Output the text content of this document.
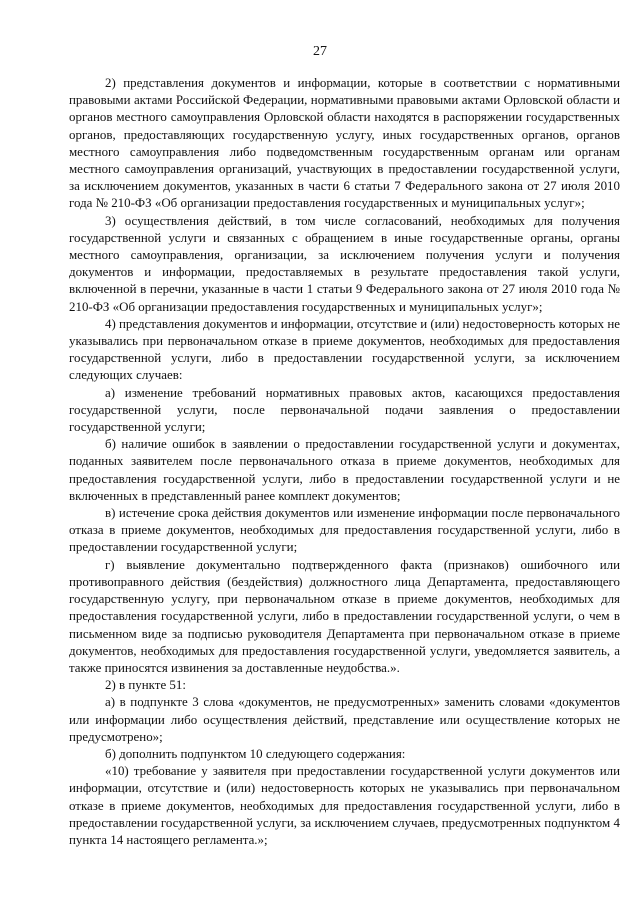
27

2) представления документов и информации, которые в соответствии с нормативными правовыми актами Российской Федерации, нормативными правовыми актами Орловской области и органов местного самоуправления Орловской области находятся в распоряжении государственных органов, предоставляющих государственную услугу, иных государственных органов, органов местного самоуправления либо подведомственным государственным органам или органам местного самоуправления организаций, участвующих в предоставлении государственной услуги, за исключением документов, указанных в части 6 статьи 7 Федерального закона от 27 июля 2010 года № 210-ФЗ «Об организации предоставления государственных и муниципальных услуг»;

3) осуществления действий, в том числе согласований, необходимых для получения государственной услуги и связанных с обращением в иные государственные органы, органы местного самоуправления, организации, за исключением получения услуги и получения документов и информации, предоставляемых в результате предоставления такой услуги, включенной в перечни, указанные в части 1 статьи 9 Федерального закона от 27 июля 2010 года № 210-ФЗ «Об организации предоставления государственных и муниципальных услуг»;

4) представления документов и информации, отсутствие и (или) недостоверность которых не указывались при первоначальном отказе в приеме документов, необходимых для предоставления государственной услуги, либо в предоставлении государственной услуги, за исключением следующих случаев:

а) изменение требований нормативных правовых актов, касающихся предоставления государственной услуги, после первоначальной подачи заявления о предоставлении государственной услуги;

б) наличие ошибок в заявлении о предоставлении государственной услуги и документах, поданных заявителем после первоначального отказа в приеме документов, необходимых для предоставления государственной услуги, либо в предоставлении государственной услуги и не включенных в представленный ранее комплект документов;

в) истечение срока действия документов или изменение информации после первоначального отказа в приеме документов, необходимых для предоставления государственной услуги, либо в предоставлении государственной услуги;

г) выявление документально подтвержденного факта (признаков) ошибочного или противоправного действия (бездействия) должностного лица Департамента, предоставляющего государственную услугу, при первоначальном отказе в приеме документов, необходимых для предоставления государственной услуги, либо в предоставлении государственной услуги, о чем в письменном виде за подписью руководителя Департамента при первоначальном отказе в приеме документов, необходимых для предоставления государственной услуги, уведомляется заявитель, а также приносятся извинения за доставленные неудобства.».

2) в пункте 51:

а) в подпункте 3 слова «документов, не предусмотренных» заменить словами «документов или информации либо осуществления действий, представление или осуществление которых не предусмотрено»;

б) дополнить подпунктом 10 следующего содержания:

«10) требование у заявителя при предоставлении государственной услуги документов или информации, отсутствие и (или) недостоверность которых не указывались при первоначальном отказе в приеме документов, необходимых для предоставления государственной услуги, либо в предоставлении государственной услуги, за исключением случаев, предусмотренных подпунктом 4 пункта 14 настоящего регламента.»;
